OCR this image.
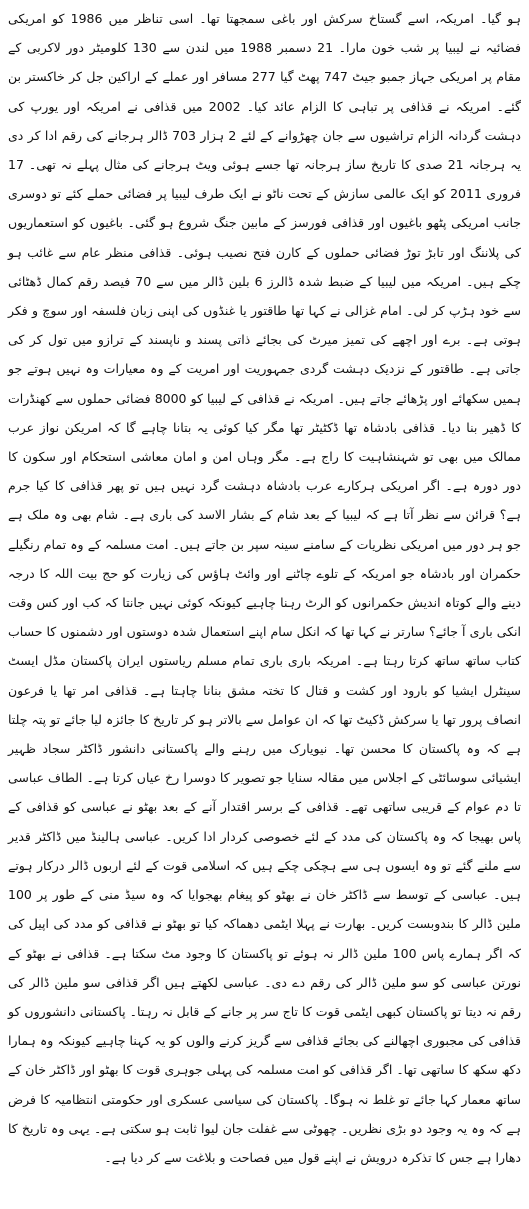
ہو گیا۔ امریکہ، اسے گستاخ سرکش اور باغی سمجھتا تھا۔ اسی تناظر میں 1986 کو امریکی فضائیہ نے لیبیا پر شب خون مارا۔ 21 دسمبر 1988 میں لندن سے 130 کلومیٹر دور لاکربی کے مقام پر امریکی جہاز جمبو جیٹ 747 پھٹ گیا 277 مسافر اور عملے کے اراکین جل کر خاکستر بن گئے۔ امریکہ نے قذافی پر تباہی کا الزام عائد کیا۔ 2002 میں قذافی نے امریکہ اور یورپ کی دہشت گردانہ الزام تراشیوں سے جان چھڑوانے کے لئے 2 ہزار 703 ڈالر ہرجانے کی رقم ادا کر دی یہ ہرجانہ 21 صدی کا تاریخ ساز ہرجانہ تھا جسے ہوئی ویٹ ہرجانے کی مثال پہلے نہ تھی۔ 17 فروری 2011 کو ایک عالمی سازش کے تحت ناٹو نے ایک طرف لیبیا پر فضائی حملے کئے تو دوسری جانب امریکی پٹھو باغیوں اور قذافی فورسز کے مابین جنگ شروع ہو گئی۔ باغیوں کو استعماریوں کی پلاننگ اور تابڑ توڑ فضائی حملوں کے کارن فتح نصیب ہوئی۔ قذافی منظر عام سے غائب ہو چکے ہیں۔ امریکہ میں لیبیا کے ضبط شدہ ڈالرز 6 بلین ڈالر میں سے 70 فیصد رقم کمال ڈھٹائی سے خود ہڑپ کر لی۔ امام غزالی نے کہا تھا طاقتور یا غنڈوں کی اپنی زبان فلسفہ اور سوچ و فکر ہوتی ہے۔ برے اور اچھے کی تمیز میرٹ کی بجائے ذاتی پسند و ناپسند کے ترازو میں تول کر کی جاتی ہے۔ طاقتور کے نزدیک دہشت گردی جمہوریت اور امریت کے وہ معیارات وہ نہیں ہوتے جو ہمیں سکھائے اور پڑھائے جاتے ہیں۔ امریکہ نے قذافی کے لیبیا کو 8000 فضائی حملوں سے کھنڈرات کا ڈھیر بنا دیا۔ قذافی بادشاہ تھا ڈکٹیٹر تھا مگر کیا کوئی یہ بتانا چاہے گا کہ امریکن نواز عرب ممالک میں بھی تو شہنشاہیت کا راج ہے۔ مگر وہاں امن و امان معاشی استحکام اور سکون کا دور دورہ ہے۔ اگر امریکی ہرکارے عرب بادشاہ دہشت گرد نہیں ہیں تو پھر قذافی کا کیا جرم ہے؟ قرائن سے نظر آتا ہے کہ لیبیا کے بعد شام کے بشار الاسد کی باری ہے۔ شام بھی وہ ملک ہے جو ہر دور میں امریکی نظریات کے سامنے سینہ سپر بن جاتے ہیں۔ امت مسلمہ کے وہ تمام رنگیلے حکمران اور بادشاہ جو امریکہ کے تلوے چاٹنے اور وائٹ ہاؤس کی زیارت کو حج بیت اللہ کا درجہ دینے والے کوتاہ اندیش حکمرانوں کو الرٹ رہنا چاہیے کیونکہ کوئی نہیں جانتا کہ کب اور کس وقت انکی باری آ جائے؟ سارتر نے کہا تھا کہ انکل سام اپنے استعمال شدہ دوستوں اور دشمنوں کا حساب کتاب ساتھ ساتھ کرتا رہتا ہے۔ امریکہ باری باری تمام مسلم ریاستوں ایران پاکستان مڈل ایسٹ سینٹرل ایشیا کو بارود اور کشت و قتال کا تختہ مشق بنانا چاہتا ہے۔ قذافی امر تھا یا فرعون انصاف پرور تھا یا سرکش ڈکیٹ تھا کہ ان عوامل سے بالاتر ہو کر تاریخ کا جائزہ لیا جائے تو پتہ چلتا ہے کہ وہ پاکستان کا محسن تھا۔ نیویارک میں رہنے والے پاکستانی دانشور ڈاکٹر سجاد ظہیر ایشیائی سوسائٹی کے اجلاس میں مقالہ سنایا جو تصویر کا دوسرا رخ عیاں کرتا ہے۔ الطاف عباسی تا دم عوام کے قریبی ساتھی تھے۔ قذافی کے برسر اقتدار آنے کے بعد بھٹو نے عباسی کو قذافی کے پاس بھیجا کہ وہ پاکستان کی مدد کے لئے خصوصی کردار ادا کریں۔ عباسی ہالینڈ میں ڈاکٹر قدیر سے ملنے گئے تو وہ ایسوں ہی سے ہچکی چکے ہیں کہ اسلامی قوت کے لئے اربوں ڈالر درکار ہوتے ہیں۔ عباسی کے توسط سے ڈاکٹر خان نے بھٹو کو پیغام بھجوایا کہ وہ سیڈ منی کے طور پر 100 ملین ڈالر کا بندوبست کریں۔ بھارت نے پہلا ایٹمی دھماکہ کیا تو بھٹو نے قذافی کو مدد کی اپیل کی کہ اگر ہمارے پاس 100 ملین ڈالر نہ ہوئے تو پاکستان کا وجود مٹ سکتا ہے۔ قذافی نے بھٹو کے نورتن عباسی کو سو ملین ڈالر کی رقم دے دی۔ عباسی لکھتے ہیں اگر قذافی سو ملین ڈالر کی رقم نہ دیتا تو پاکستان کبھی ایٹمی قوت کا تاج سر پر جانے کے قابل نہ رہتا۔ پاکستانی دانشوروں کو قذافی کی مجبوری اچھالنے کی بجائے قذافی سے گریز کرنے والوں کو یہ کہنا چاہیے کیونکہ وہ ہمارا دکھ سکھ کا ساتھی تھا۔ اگر قذافی کو امت مسلمہ کی پہلی جوہری قوت کا بھٹو اور ڈاکٹر خان کے ساتھ معمار کہا جائے تو غلط نہ ہوگا۔ پاکستان کی سیاسی عسکری اور حکومتی انتظامیہ کا فرض ہے کہ وہ یہ وجود دو بڑی نظریں۔ چھوٹی سے غفلت جان لیوا ثابت ہو سکتی ہے۔ یہی وہ تاریخ کا دھارا ہے جس کا تذکرہ درویش نے اپنے قول میں فصاحت و بلاغت سے کر دیا ہے۔
